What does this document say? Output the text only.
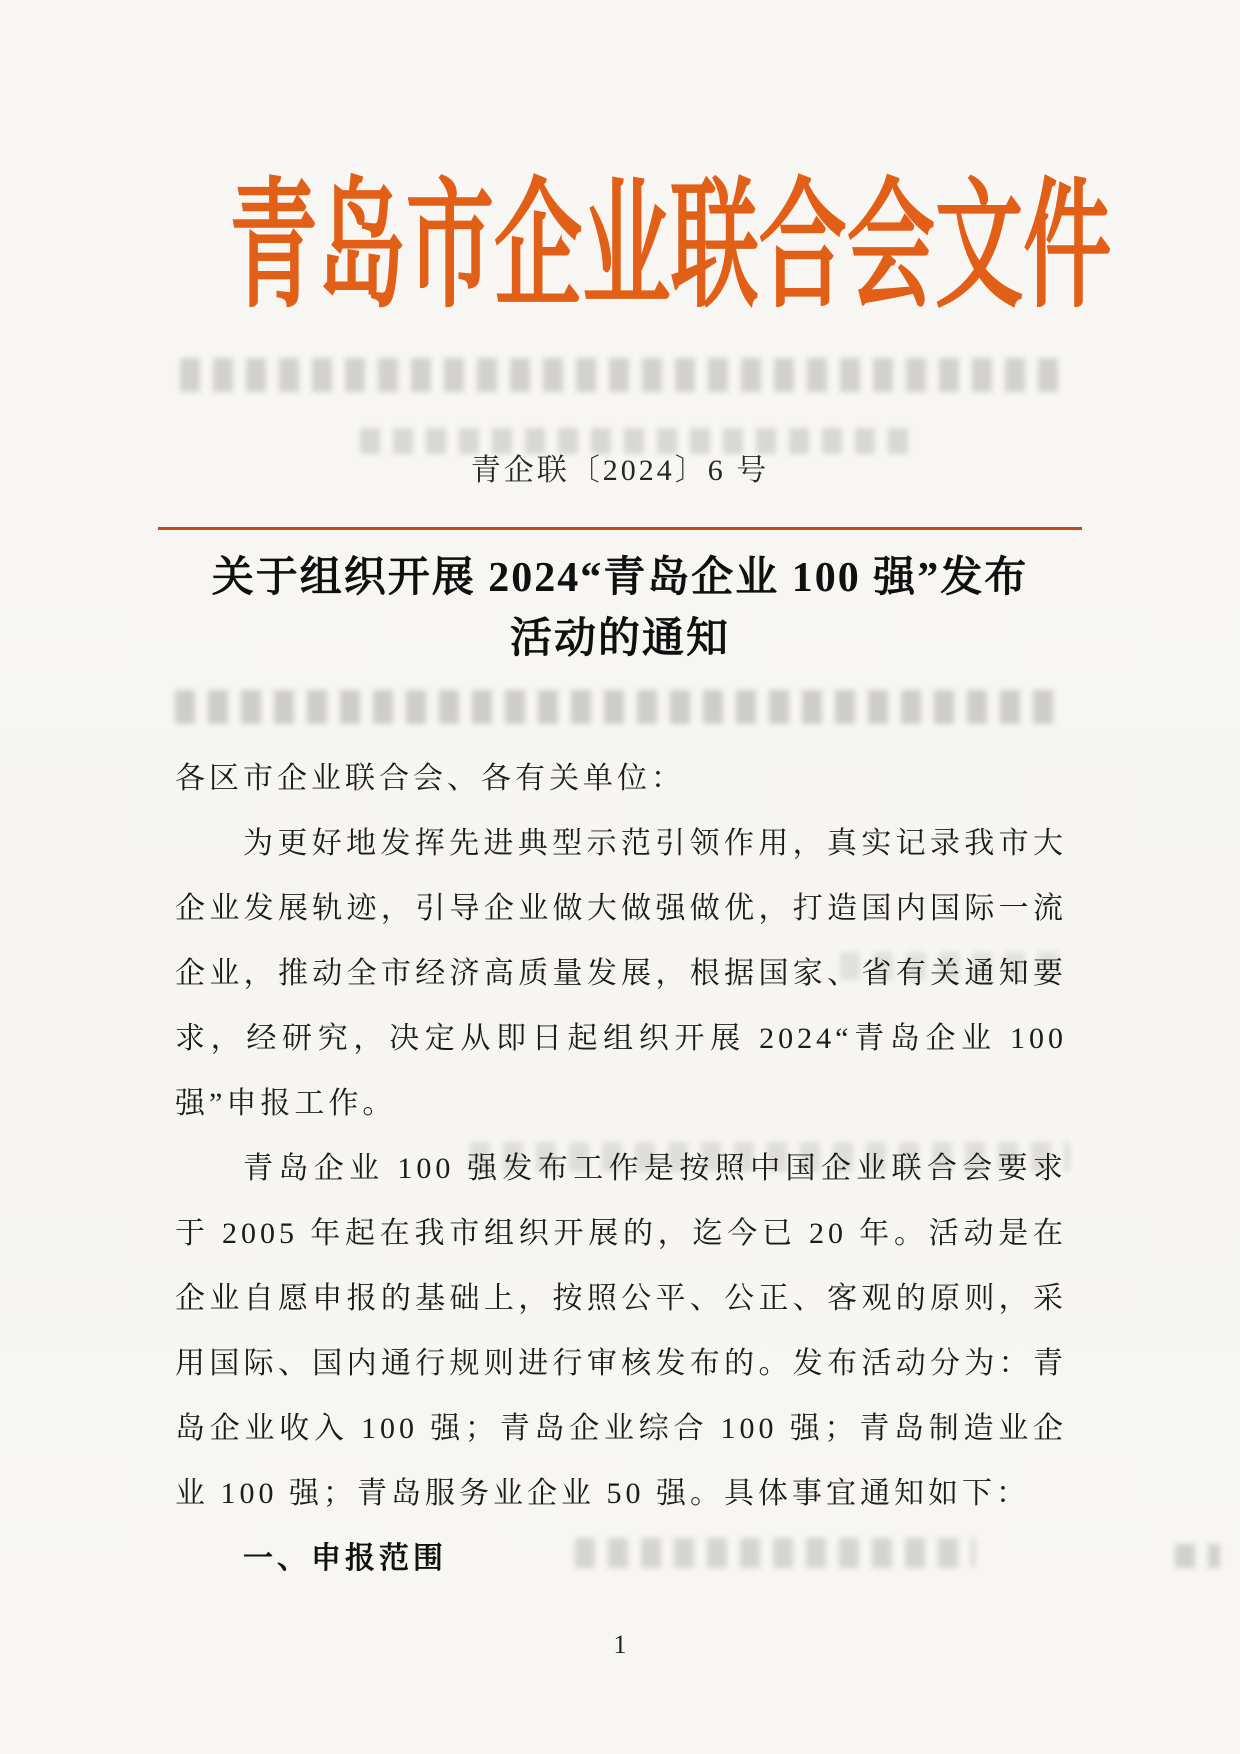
青岛市企业联合会文件
青企联〔2024〕6 号
关于组织开展 2024“青岛企业 100 强”发布
活动的通知

各区市企业联合会、各有关单位：

为更好地发挥先进典型示范引领作用，真实记录我市大企业发展轨迹，引导企业做大做强做优，打造国内国际一流企业，推动全市经济高质量发展，根据国家、省有关通知要求，经研究，决定从即日起组织开展 2024“青岛企业 100 强”申报工作。

青岛企业 100 强发布工作是按照中国企业联合会要求于 2005 年起在我市组织开展的，迄今已 20 年。活动是在企业自愿申报的基础上，按照公平、公正、客观的原则，采用国际、国内通行规则进行审核发布的。发布活动分为：青岛企业收入 100 强；青岛企业综合 100 强；青岛制造业企业 100 强；青岛服务业企业 50 强。具体事宜通知如下：

一、申报范围

1
